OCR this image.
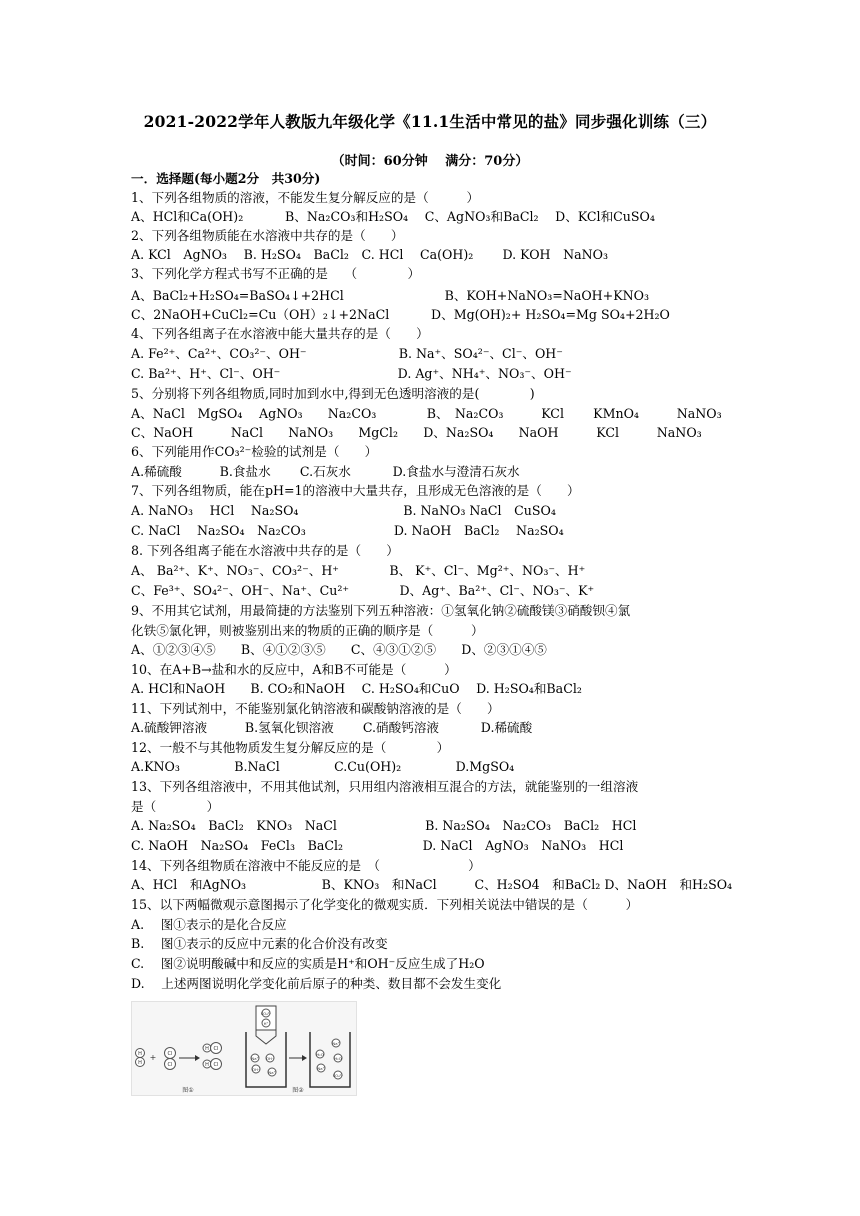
2021-2022学年人教版九年级化学《11.1生活中常见的盐》同步强化训练（三）
（时间：60分钟　 满分：70分）
一．选择题(每小题2分　共30分)
1、下列各组物质的溶液，不能发生复分解反应的是（　　　）
A、HCl和Ca(OH)₂　　　 B、Na₂CO₃和H₂SO₄　 C、AgNO₃和BaCl₂　 D、KCl和CuSO₄
2、下列各组物质能在水溶液中共存的是（　　）
A. KCl　AgNO₃　 B. H₂SO₄　BaCl₂　C. HCl　 Ca(OH)₂　　 D. KOH　NaNO₃
3、下列化学方程式书写不正确的是　 （　　　　）
A、BaCl₂+H₂SO₄=BaSO₄↓+2HCl　　　　　　　　B、KOH+NaNO₃=NaOH+KNO₃
C、2NaOH+CuCl₂=Cu（OH）₂↓+2NaCl　　　 D、Mg(OH)₂+ H₂SO₄=Mg SO₄+2H₂O
4、下列各组离子在水溶液中能大量共存的是（　　）
A. Fe²⁺、Ca²⁺、CO₃²⁻、OH⁻　　　　　　　 B. Na⁺、SO₄²⁻、Cl⁻、OH⁻
C. Ba²⁺、H⁺、Cl⁻、OH⁻　　　　　　　　　 D. Ag⁺、NH₄⁺、NO₃⁻、OH⁻
5、分别将下列各组物质,同时加到水中,得到无色透明溶液的是(　　　　)
A、NaCl　MgSO₄　 AgNO₃　　Na₂CO₃　　　　B、　Na₂CO₃　　　KCl　　 KMnO₄　　　NaNO₃
C、NaOH　　　NaCl　　NaNO₃　　MgCl₂　　D、Na₂SO₄　　NaOH　　　KCl　　　NaNO₃
6、下列能用作CO₃²⁻检验的试剂是（　　）
A.稀硫酸　　　B.食盐水　　 C.石灰水　　　 D.食盐水与澄清石灰水
7、下列各组物质，能在pH=1的溶液中大量共存，且形成无色溶液的是（　　）
A. NaNO₃　 HCl　 Na₂SO₄　　　　　　　　 B. NaNO₃ NaCl　CuSO₄
C. NaCl　 Na₂SO₄　Na₂CO₃　　　　　　　D. NaOH　BaCl₂　 Na₂SO₄
8. 下列各组离子能在水溶液中共存的是（　　）
A、 Ba²⁺、K⁺、NO₃⁻、CO₃²⁻、H⁺　　　　B、 K⁺、Cl⁻、Mg²⁺、NO₃⁻、H⁺
C、Fe³⁺、SO₄²⁻、OH⁻、Na⁺、Cu²⁺　　　　D、Ag⁺、Ba²⁺、Cl⁻、NO₃⁻、K⁺
9、不用其它试剂，用最简捷的方法鉴别下列五种溶液：①氢氧化钠②硫酸镁③硝酸钡④氯
化铁⑤氯化钾，则被鉴别出来的物质的正确的顺序是（　　　）
A、①②③④⑤　　B、④①②③⑤　　C、④③①②⑤　　D、②③①④⑤
10、在A+B→盐和水的反应中，A和B不可能是（　　　）
A. HCl和NaOH　　B. CO₂和NaOH　 C. H₂SO₄和CuO　 D. H₂SO₄和BaCl₂
11、下列试剂中，不能鉴别氯化钠溶液和碳酸钠溶液的是（　　）
A.硫酸钾溶液　　　B.氢氧化钡溶液　　 C.硝酸钙溶液　　　 D.稀硫酸
12、一般不与其他物质发生复分解反应的是（　　　　）
A.KNO₃　　　　 B.NaCl　　　　 C.Cu(OH)₂　　　　 D.MgSO₄
13、下列各组溶液中，不用其他试剂，只用组内溶液相互混合的方法，就能鉴别的一组溶液
是（　　　　）
A. Na₂SO₄　BaCl₂　KNO₃　NaCl　　　　　　　B. Na₂SO₄　Na₂CO₃　BaCl₂　HCl
C. NaOH　Na₂SO₄　FeCl₃　BaCl₂　　　　　　 D. NaCl　AgNO₃　NaNO₃　HCl
14、下列各组物质在溶液中不能反应的是　（　　　　　　　）
A、HCl　和AgNO₃　　　　　　B、KNO₃　和NaCl　　　C、H₂SO4　和BaCl₂ D、NaOH　和H₂SO₄
15、以下两幅微观示意图揭示了化学变化的微观实质．下列相关说法中错误的是（　　　）
A.　 图①表示的是化合反应
B.　 图①表示的反应中元素的化合价没有改变
C.　 图②说明酸碱中和反应的实质是H⁺和OH⁻反应生成了H₂O
D.　 上述两图说明化学变化前后原子的种类、数目都不会发生变化
H
H
+ Cl
Cl
H Cl
H Cl
图①
SO₄²⁻
H⁺
Na⁺ OH⁻
OH⁻
Na⁺
Na⁺
H₂O
H₂O
Na⁺
SO₄²⁻
图②
